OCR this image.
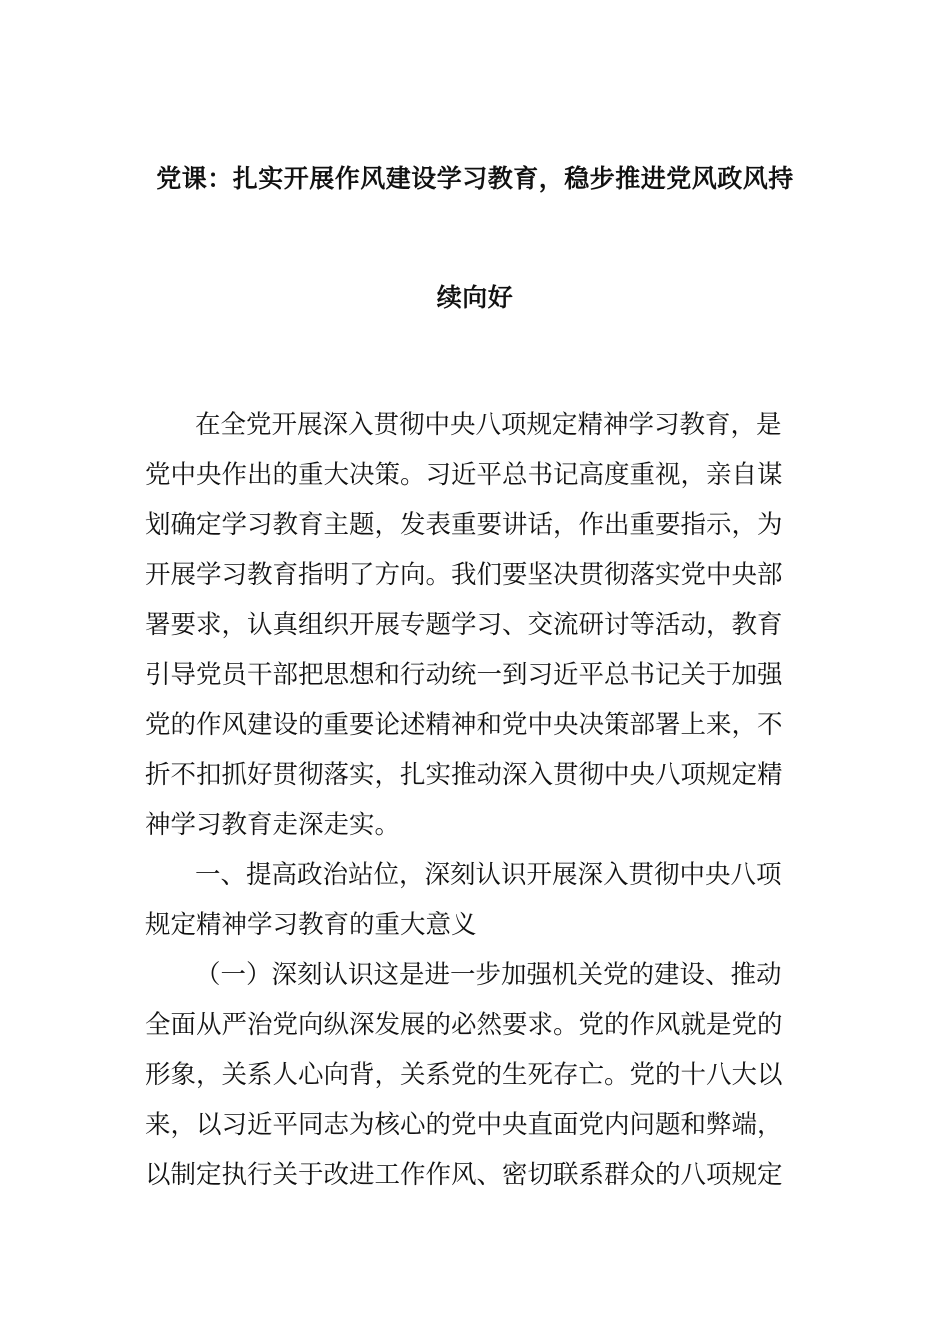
党课：扎实开展作风建设学习教育，稳步推进党风政风持
续向好
在全党开展深入贯彻中央八项规定精神学习教育，是
党中央作出的重大决策。习近平总书记高度重视，亲自谋
划确定学习教育主题，发表重要讲话，作出重要指示，为
开展学习教育指明了方向。我们要坚决贯彻落实党中央部
署要求，认真组织开展专题学习、交流研讨等活动，教育
引导党员干部把思想和行动统一到习近平总书记关于加强
党的作风建设的重要论述精神和党中央决策部署上来，不
折不扣抓好贯彻落实，扎实推动深入贯彻中央八项规定精
神学习教育走深走实。
一、提高政治站位，深刻认识开展深入贯彻中央八项
规定精神学习教育的重大意义
（一）深刻认识这是进一步加强机关党的建设、推动
全面从严治党向纵深发展的必然要求。党的作风就是党的
形象，关系人心向背，关系党的生死存亡。党的十八大以
来，以习近平同志为核心的党中央直面党内问题和弊端，
以制定执行关于改进工作作风、密切联系群众的八项规定
